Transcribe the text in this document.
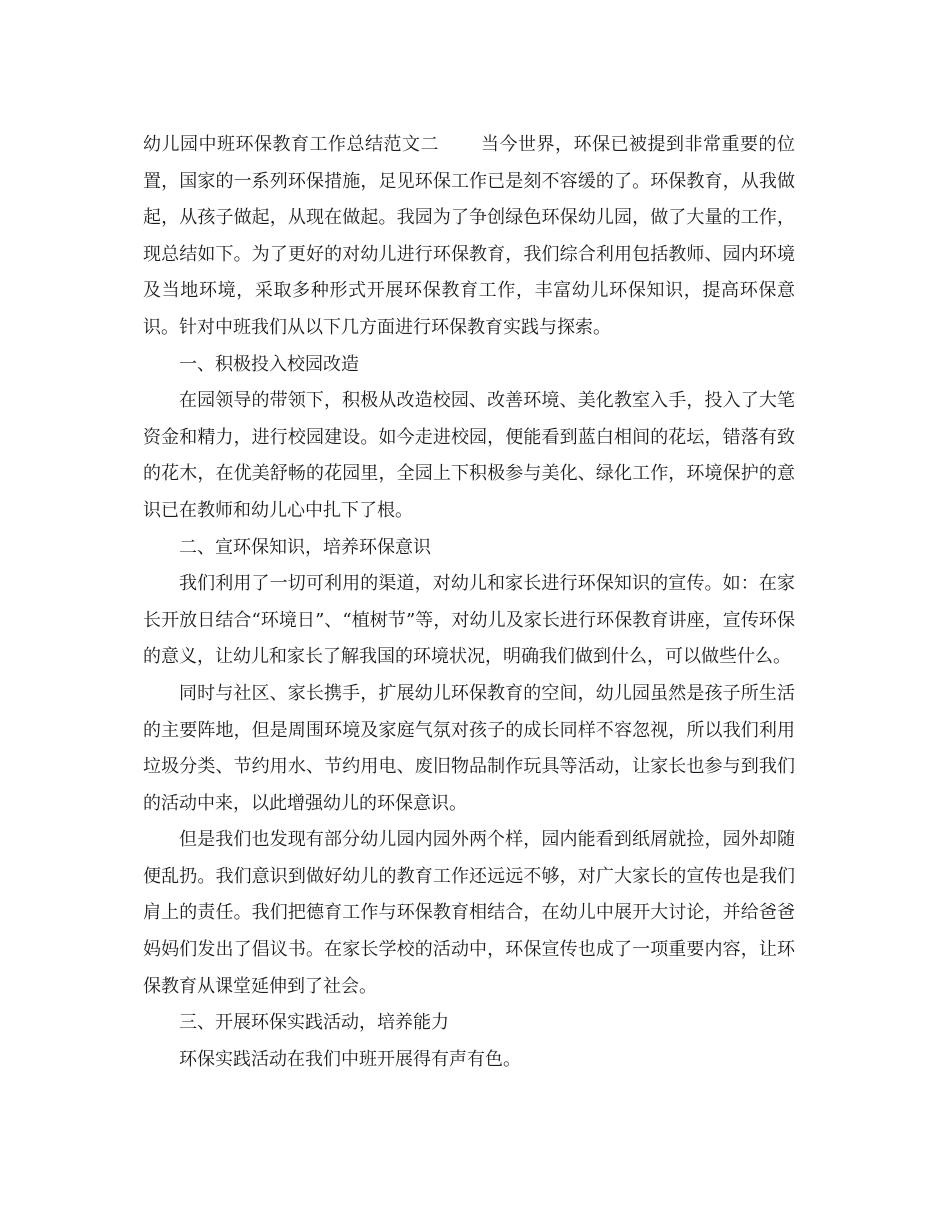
幼儿园中班环保教育工作总结范文二 当今世界，环保已被提到非常重要的位置，国家的一系列环保措施，足见环保工作已是刻不容缓的了。环保教育，从我做起，从孩子做起，从现在做起。我园为了争创绿色环保幼儿园，做了大量的工作，现总结如下。为了更好的对幼儿进行环保教育，我们综合利用包括教师、园内环境及当地环境，采取多种形式开展环保教育工作，丰富幼儿环保知识，提高环保意识。针对中班我们从以下几方面进行环保教育实践与探索。

一、积极投入校园改造

在园领导的带领下，积极从改造校园、改善环境、美化教室入手，投入了大笔资金和精力，进行校园建设。如今走进校园，便能看到蓝白相间的花坛，错落有致的花木，在优美舒畅的花园里，全园上下积极参与美化、绿化工作，环境保护的意识已在教师和幼儿心中扎下了根。

二、宣环保知识，培养环保意识

我们利用了一切可利用的渠道，对幼儿和家长进行环保知识的宣传。如：在家长开放日结合“环境日”、“植树节”等，对幼儿及家长进行环保教育讲座，宣传环保的意义，让幼儿和家长了解我国的环境状况，明确我们做到什么，可以做些什么。

同时与社区、家长携手，扩展幼儿环保教育的空间，幼儿园虽然是孩子所生活的主要阵地，但是周围环境及家庭气氛对孩子的成长同样不容忽视，所以我们利用垃圾分类、节约用水、节约用电、废旧物品制作玩具等活动，让家长也参与到我们的活动中来，以此增强幼儿的环保意识。

但是我们也发现有部分幼儿园内园外两个样，园内能看到纸屑就捡，园外却随便乱扔。我们意识到做好幼儿的教育工作还远远不够，对广大家长的宣传也是我们肩上的责任。我们把德育工作与环保教育相结合，在幼儿中展开大讨论，并给爸爸妈妈们发出了倡议书。在家长学校的活动中，环保宣传也成了一项重要内容，让环保教育从课堂延伸到了社会。

三、开展环保实践活动，培养能力

环保实践活动在我们中班开展得有声有色。
